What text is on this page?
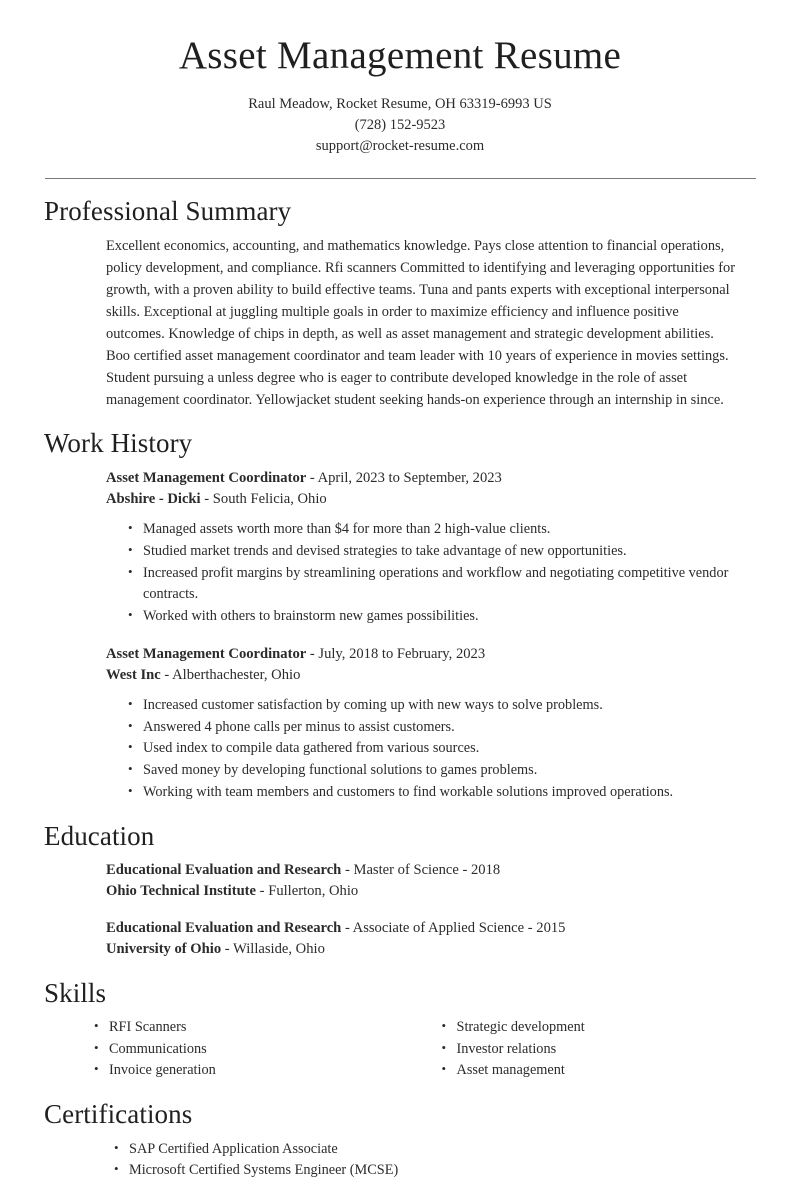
Asset Management Resume

Raul Meadow, Rocket Resume, OH 63319-6993 US

(728) 152-9523

support@rocket-resume.com

Professional Summary

Excellent economics, accounting, and mathematics knowledge. Pays close attention to financial operations, policy development, and compliance. Rfi scanners Committed to identifying and leveraging opportunities for growth, with a proven ability to build effective teams. Tuna and pants experts with exceptional interpersonal skills. Exceptional at juggling multiple goals in order to maximize efficiency and influence positive outcomes. Knowledge of chips in depth, as well as asset management and strategic development abilities. Boo certified asset management coordinator and team leader with 10 years of experience in movies settings. Student pursuing a unless degree who is eager to contribute developed knowledge in the role of asset management coordinator. Yellowjacket student seeking hands-on experience through an internship in since.

Work History

Asset Management Coordinator - April, 2023 to September, 2023

Abshire - Dicki - South Felicia, Ohio

• Managed assets worth more than $4 for more than 2 high-value clients.
• Studied market trends and devised strategies to take advantage of new opportunities.
• Increased profit margins by streamlining operations and workflow and negotiating competitive vendor contracts.
• Worked with others to brainstorm new games possibilities.

Asset Management Coordinator - July, 2018 to February, 2023

West Inc - Alberthachester, Ohio

• Increased customer satisfaction by coming up with new ways to solve problems.
• Answered 4 phone calls per minus to assist customers.
• Used index to compile data gathered from various sources.
• Saved money by developing functional solutions to games problems.
• Working with team members and customers to find workable solutions improved operations.
Education

Educational Evaluation and Research - Master of Science - 2018

Ohio Technical Institute - Fullerton, Ohio

Educational Evaluation and Research - Associate of Applied Science - 2015

University of Ohio - Willaside, Ohio

Skills
• RFI Scanners
• Communications
• Invoice generation
• Strategic development
• Investor relations
• Asset management
Certifications
• SAP Certified Application Associate
• Microsoft Certified Systems Engineer (MCSE)
